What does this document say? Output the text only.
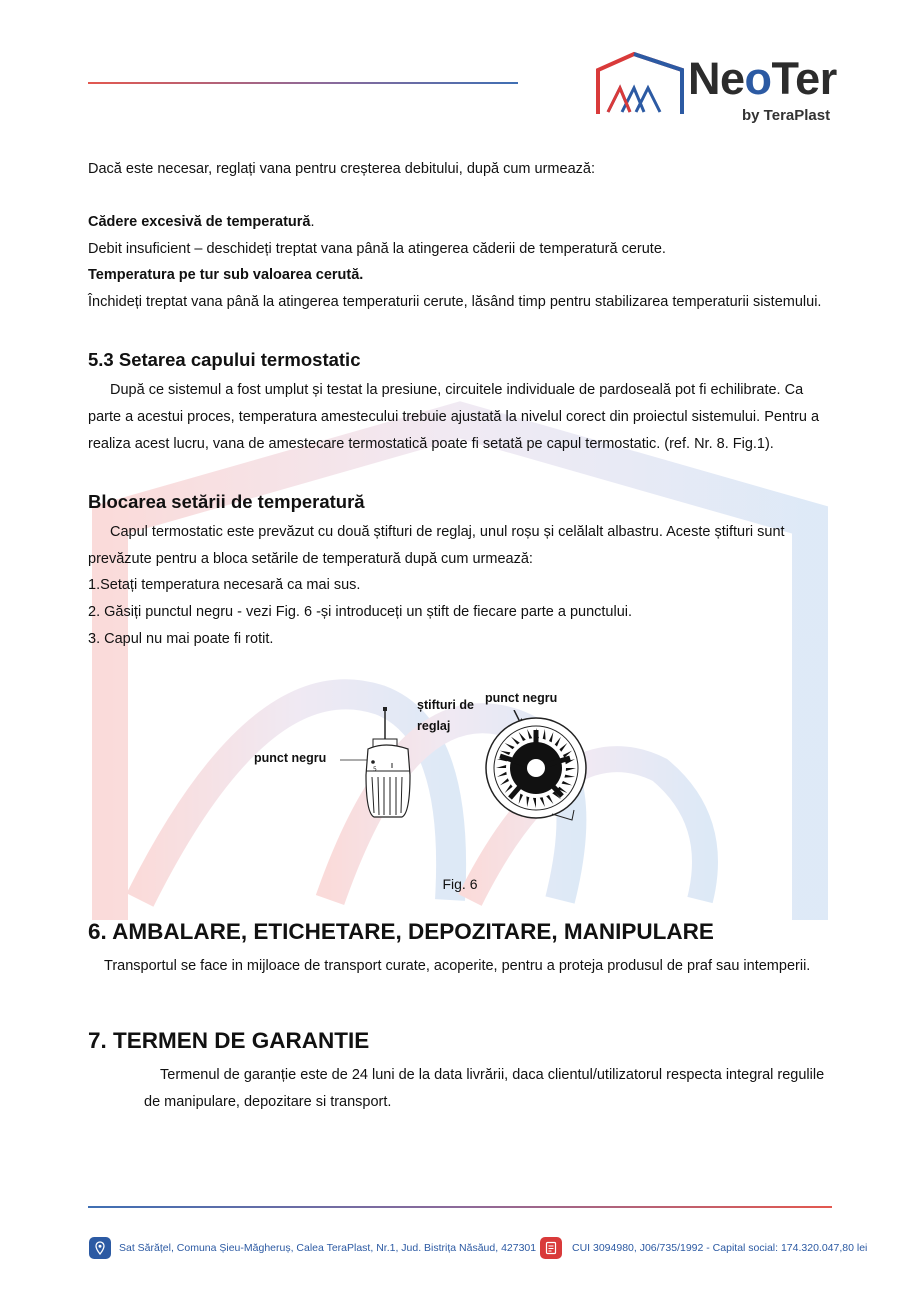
NeoTer
by TeraPlast

Dacă este necesar, reglați vana pentru creșterea debitului, după cum urmează:

Cădere excesivă de temperatură.

Debit insuficient – deschideți treptat vana până la atingerea căderii de temperatură cerute.

Temperatura pe tur sub valoarea cerută.

Închideți treptat vana până la atingerea temperaturii cerute, lăsând timp pentru stabilizarea temperaturii sistemului.

5.3 Setarea capului termostatic

După ce sistemul a fost umplut și testat la presiune, circuitele individuale de pardoseală pot fi echilibrate. Ca parte a acestui proces, temperatura amestecului trebuie ajustată la nivelul corect din proiectul sistemului. Pentru a realiza acest lucru, vana de amestecare termostatică poate fi setată pe capul termostatic. (ref. Nr. 8. Fig.1).

Blocarea setării de temperatură

Capul termostatic este prevăzut cu două știfturi de reglaj, unul roșu și celălalt albastru. Aceste știfturi sunt prevăzute pentru a bloca setările de temperatură după cum urmează:

1.Setați temperatura necesară ca mai sus.

2. Găsiți punctul negru - vezi Fig. 6 -și introduceți un știft de fiecare parte a punctului.

3. Capul nu mai poate fi rotit.

știfturi de
reglaj
punct negru
punct negru
5
Fig. 6
6. AMBALARE, ETICHETARE, DEPOZITARE, MANIPULARE

Transportul se face in mijloace de transport curate, acoperite, pentru a proteja produsul de praf sau intemperii.

7. TERMEN DE GARANTIE

Termenul de garanție este de 24 luni de la data livrării, daca clientul/utilizatorul respecta integral regulile de manipulare, depozitare si transport.

Sat Sărățel, Comuna Șieu-Măgheruș, Calea TeraPlast, Nr.1, Jud. Bistrița Năsăud, 427301	CUI 3094980, J06/735/1992 - Capital social: 174.320.047,80 lei
